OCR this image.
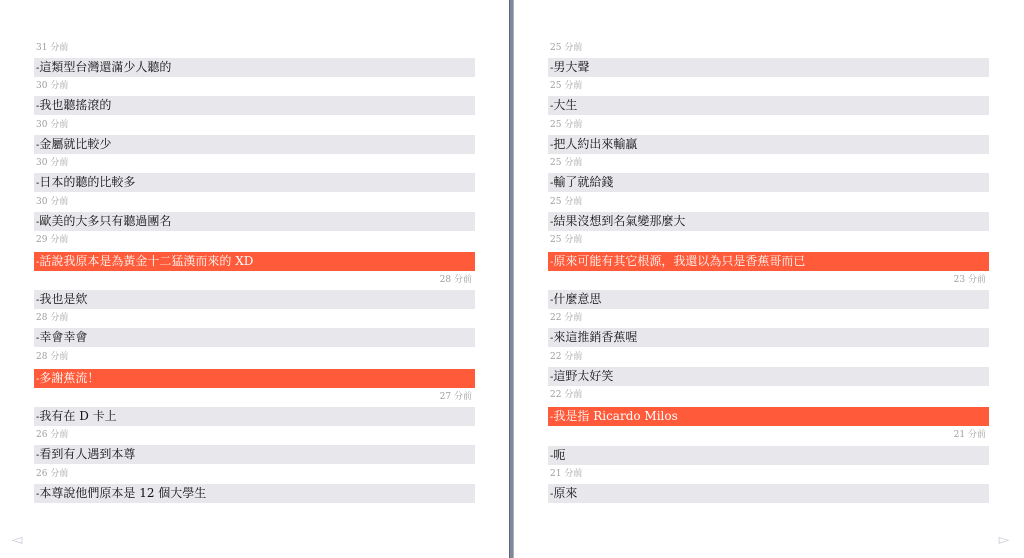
31 分前
-這類型台灣還滿少人聽的
30 分前
-我也聽搖滾的
30 分前
-金屬就比較少
30 分前
-日本的聽的比較多
30 分前
-歐美的大多只有聽過團名
29 分前
-話說我原本是為黃金十二猛漢而來的 XD
28 分前
-我也是欸
28 分前
-幸會幸會
28 分前
-多謝蕉流！
27 分前
-我有在 D 卡上
26 分前
-看到有人遇到本尊
26 分前
-本尊說他們原本是 12 個大學生
25 分前
-男大聲
25 分前
-大生
25 分前
-把人約出來輸贏
25 分前
-輸了就給錢
25 分前
-結果沒想到名氣變那麼大
25 分前
-原來可能有其它根源，我還以為只是香蕉哥而已
23 分前
-什麼意思
22 分前
-來這推銷香蕉喔
22 分前
-這野太好笑
22 分前
-我是指 Ricardo Milos
21 分前
-呃
21 分前
-原來
◅	▻
